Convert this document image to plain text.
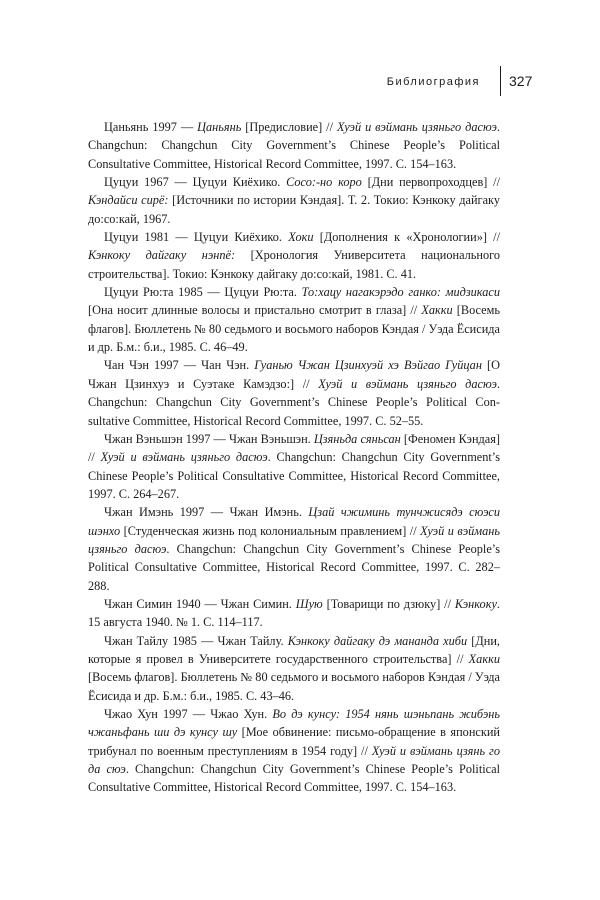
Библиография 327

Цаньянь 1997 — Цаньянь [Предисловие] // Хуэй и вэймань цзяньго дасюэ. Changchun: Changchun City Government’s Chinese People’s Political Consultative Committee, Historical Record Committee, 1997. С. 154–163.

Цуцуи 1967 — Цуцуи Киёхико. Сосо:-но коро [Дни первопроходцев] // Кэндайси сирё: [Источники по истории Кэндая]. Т. 2. Токио: Кэнкоку дайгаку до:со:кай, 1967.

Цуцуи 1981 — Цуцуи Киёхико. Хоки [Дополнения к «Хронологии»] // Кэнкоку дайгаку нэнпё: [Хронология Университета национального строительства]. Токио: Кэнкоку дайгаку до:со:кай, 1981. С. 41.

Цуцуи Рю:та 1985 — Цуцуи Рю:та. То:хацу нагакэрэдо ганко: мидзикаси [Она носит длинные волосы и пристально смотрит в глаза] // Хакки [Восемь флагов]. Бюллетень № 80 седьмого и восьмого наборов Кэндая / Уэда Ёсисида и др. Б.м.: б.и., 1985. С. 46–49.

Чан Чэн 1997 — Чан Чэн. Гуанью Чжан Цзинхуэй хэ Вэйгао Гуйцан [О Чжан Цзинхуэ и Суэтаке Камэдзо:] // Хуэй и вэймань цзяньго дасюэ. Changchun: Changchun City Government’s Chinese People’s Political Consultative Committee, Historical Record Committee, 1997. С. 52–55.

Чжан Вэньшэн 1997 — Чжан Вэньшэн. Цзяньда сяньсан [Феномен Кэндая] // Хуэй и вэймань цзяньго дасюэ. Changchun: Changchun City Government’s Chinese People’s Political Consultative Committee, Historical Record Committee, 1997. С. 264–267.

Чжан Имэнь 1997 — Чжан Имэнь. Цзай чжиминь тунчжисядэ сюэси шэнхо [Студенческая жизнь под колониальным правлением] // Хуэй и вэймань цзяньго дасюэ. Changchun: Changchun City Government’s Chinese People’s Political Consultative Committee, Historical Record Committee, 1997. С. 282–288.

Чжан Симин 1940 — Чжан Симин. Шую [Товарищи по дзюку] // Кэнкоку. 15 августа 1940. № 1. С. 114–117.

Чжан Тайлу 1985 — Чжан Тайлу. Кэнкоку дайгаку дэ мананда хиби [Дни, которые я провел в Университете государственного строительства] // Хакки [Восемь флагов]. Бюллетень № 80 седьмого и восьмого наборов Кэндая / Уэда Ёсисида и др. Б.м.: б.и., 1985. С. 43–46.

Чжао Хун 1997 — Чжао Хун. Во дэ кунсу: 1954 нянь шэньпань жибэнь чжаньфань ши дэ кунсу шу [Мое обвинение: письмо-обращение в японский трибунал по военным преступлениям в 1954 году] // Хуэй и вэймань цзянь го да сюэ. Changchun: Changchun City Government’s Chinese People’s Political Consultative Committee, Historical Record Committee, 1997. С. 154–163.
